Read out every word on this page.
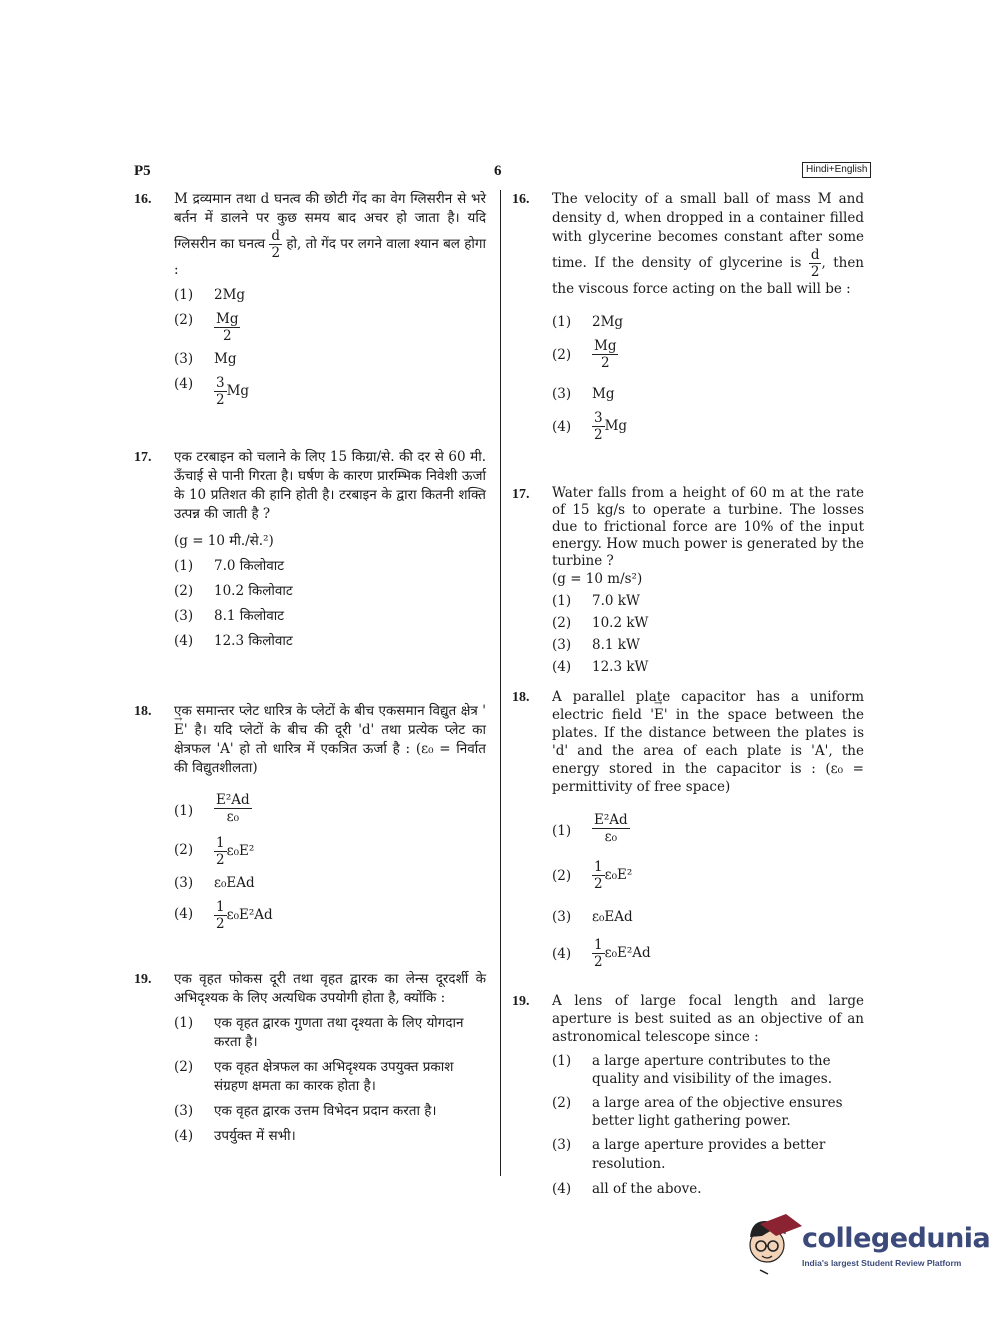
P5	6	Hindi+English
16. M द्रव्यमान तथा d घनत्व की छोटी गेंद का वेग ग्लिसरीन से भरे बर्तन में डालने पर कुछ समय बाद अचर हो जाता है। यदि ग्लिसरीन का घनत्व $\frac{d}{2}$ हो, तो गेंद पर लगने वाला श्यान बल होगा :
(1) 2Mg
$(2) \frac{Mg}{2}$
(3) Mg
$(4) \frac{3}{2}$ Mg
17. एक टरबाइन को चलाने के लिए 15 किग्रा/से. की दर से 60 मी. ऊँचाई से पानी गिरता है। घर्षण के कारण प्रारम्भिक निवेशी ऊर्जा के 10 प्रतिशत की हानि होती है। टरबाइन के द्वारा कितनी शक्ति उत्पन्न की जाती है ?
(g = 10 मी./से.²)
(1) 7.0 किलोवाट
(2) 10.2 किलोवाट
(3) 8.1 किलोवाट
(4) 12.3 किलोवाट
18. एक समान्तर प्लेट धारित्र के प्लेटों के बीच एकसमान विद्युत क्षेत्र '→ E' है। यदि प्लेटों के बीच की दूरी 'd' तथा प्रत्येक प्लेट का क्षेत्रफल 'A' हो तो धारित्र में एकत्रित ऊर्जा है : (ε₀ = निर्वात की विद्युतशीलता)
$(1) \frac{\text{E²Ad}}{\text{ε₀}}$
$(2) \frac{1}{2} \varepsilon_0E^2$
(3) ε₀EAd
$(4) \frac{1}{2} \varepsilon_0E^2Ad$
19. एक वृहत फोकस दूरी तथा वृहत द्वारक का लेन्स दूरदर्शी के अभिदृश्यक के लिए अत्यधिक उपयोगी होता है, क्योंकि :
(1) एक वृहत द्वारक गुणता तथा दृश्यता के लिए योगदान करता है।
(2) एक वृहत क्षेत्रफल का अभिदृश्यक उपयुक्त प्रकाश संग्रहण क्षमता का कारक होता है।
(3) एक वृहत द्वारक उत्तम विभेदन प्रदान करता है।
(4) उपर्युक्त में सभी।
16. The velocity of a small ball of mass M and density d, when dropped in a container filled with glycerine becomes constant after some time. If the density of glycerine is $\frac{d}{2}$ , then the viscous force acting on the ball will be :
(1) 2Mg
$(2) \frac{Mg}{2}$
(3) Mg
$(4) \frac{3}{2}$ Mg
17. Water falls from a height of 60 m at the rate of 15 kg/s to operate a turbine. The losses due to frictional force are 10% of the input energy. How much power is generated by the turbine ?
(g = 10 m/s²)
(1) 7.0 kW
(2) 10.2 kW
(3) 8.1 kW
(4) 12.3 kW
18. A parallel plate capacitor has a uniform electric field '→ E' in the space between the plates. If the distance between the plates is 'd' and the area of each plate is 'A', the energy stored in the capacitor is : (ε₀ = permittivity of free space)
$(1) \frac{\text{E²Ad}}{\text{ε₀}}$
$(2) \frac{1}{2} \varepsilon_0E^2$
(3) ε₀EAd
$(4) \frac{1}{2} \varepsilon_0E^2Ad$
19. A lens of large focal length and large aperture is best suited as an objective of an astronomical telescope since :
(1) a large aperture contributes to the quality and visibility of the images.
(2) a large area of the objective ensures better light gathering power.
(3) a large aperture provides a better resolution.
(4) all of the above.
collegedunia
India's largest Student Review Platform
